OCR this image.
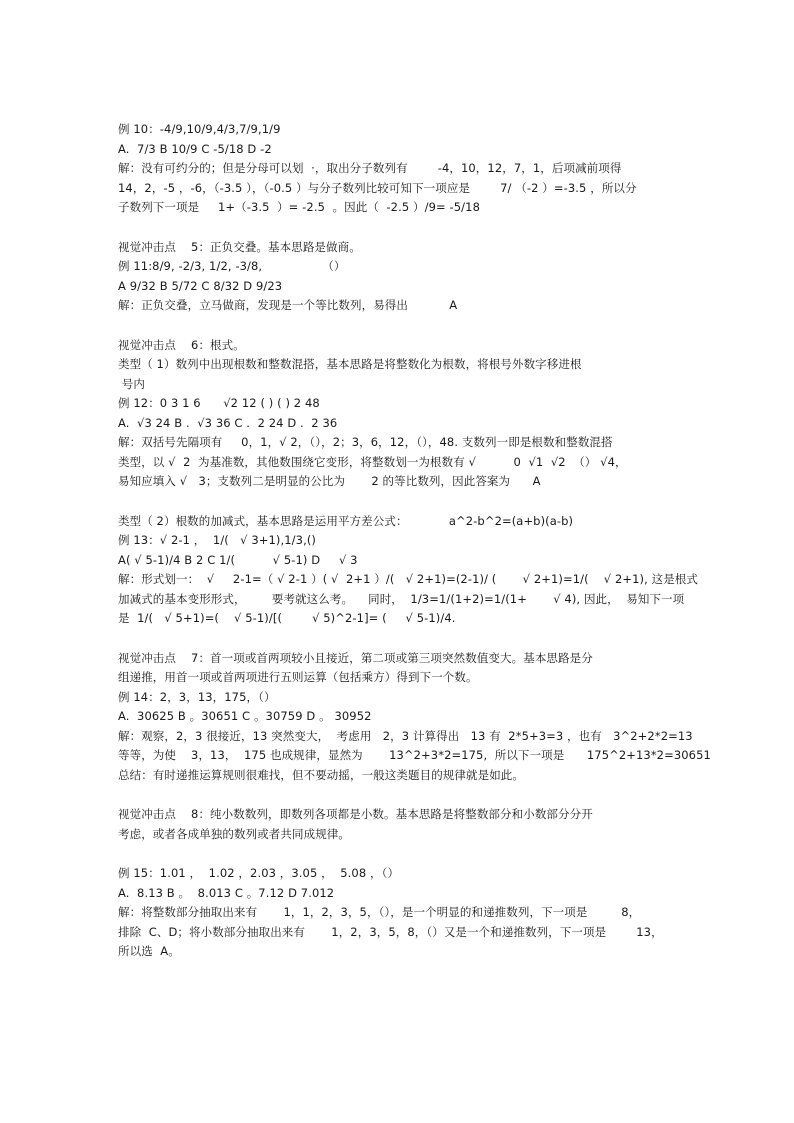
例 10：-4/9,10/9,4/3,7/9,1/9
A.  7/3 B 10/9 C -5/18 D -2
解：没有可约分的；但是分母可以划  ·，取出分子数列有        -4，10，12，7，1，后项减前项得
14，2，-5 ，-6，（-3.5 ），（-0.5 ）与分子数列比较可知下一项应是        7/ （-2 ）=-3.5 ，所以分
子数列下一项是     1+（-3.5  ）= -2.5  。因此（  -2.5 ）/9= -5/18
视觉冲击点    5：正负交叠。基本思路是做商。
例 11:8/9, -2/3, 1/2, -3/8,                （）
A 9/32 B 5/72 C 8/32 D 9/23
解：正负交叠，立马做商，发现是一个等比数列，易得出           A
视觉冲击点    6：根式。
类型（ 1）数列中出现根数和整数混搭，基本思路是将整数化为根数，将根号外数字移进根
号内
例 12：0 3 1 6      √2 12 ( ) ( ) 2 48
A.  √3 24 B .  √3 36 C .  2 24 D .  2 36
解：双括号先隔项有     0，1，√ 2，（），2；3，6，12，（），48. 支数列一即是根数和整数混搭
类型，以 √  2  为基准数，其他数围绕它变形，将整数划一为根数有 √          0  √1  √2  （） √4，
易知应填入 √   3；支数列二是明显的公比为       2 的等比数列，因此答案为      A
类型（ 2）根数的加减式，基本思路是运用平方差公式：           a^2-b^2=(a+b)(a-b)
例 13：√ 2-1 ，  1/(   √ 3+1),1/3,()
A( √ 5-1)/4 B 2 C 1/(          √ 5-1) D     √ 3
解：形式划一：  √     2-1=（ √ 2-1 ）( √  2+1 ）/(   √ 2+1)=(2-1)/ (       √ 2+1)=1/(    √ 2+1), 这是根式
加减式的基本变形形式，       要考就这么考。    同时，  1/3=1/(1+2)=1/(1+       √ 4), 因此，  易知下一项
是  1/(   √ 5+1)=(    √ 5-1)/[(        √ 5)^2-1]= (     √ 5-1)/4.
视觉冲击点    7：首一项或首两项较小且接近，第二项或第三项突然数值变大。基本思路是分
组递推，用首一项或首两项进行五则运算（包括乘方）得到下一个数。
例 14：2，3，13，175，（）
A.  30625 B 。30651 C 。30759 D 。 30952
解：观察，2，3 很接近，13 突然变大，  考虑用   2，3 计算得出   13 有  2*5+3=3 ，也有   3^2+2*2=13
等等，为使    3，13，  175 也成规律，显然为       13^2+3*2=175,  所以下一项是      175^2+13*2=30651
总结：有时递推运算规则很难找，但不要动摇，一般这类题目的规律就是如此。
视觉冲击点    8：纯小数数列，即数列各项都是小数。基本思路是将整数部分和小数部分分开
考虑，或者各成单独的数列或者共同成规律。
例 15：1.01 ，  1.02 ，2.03 ，3.05 ，  5.08 ，（）
A.  8.13 B 。  8.013 C 。7.12 D 7.012
解：将整数部分抽取出来有       1，1，2，3，5，（），是一个明显的和递推数列，下一项是         8，
排除  C、D；将小数部分抽取出来有       1，2，3，5，8，（）又是一个和递推数列，下一项是        13，
所以选  A。
